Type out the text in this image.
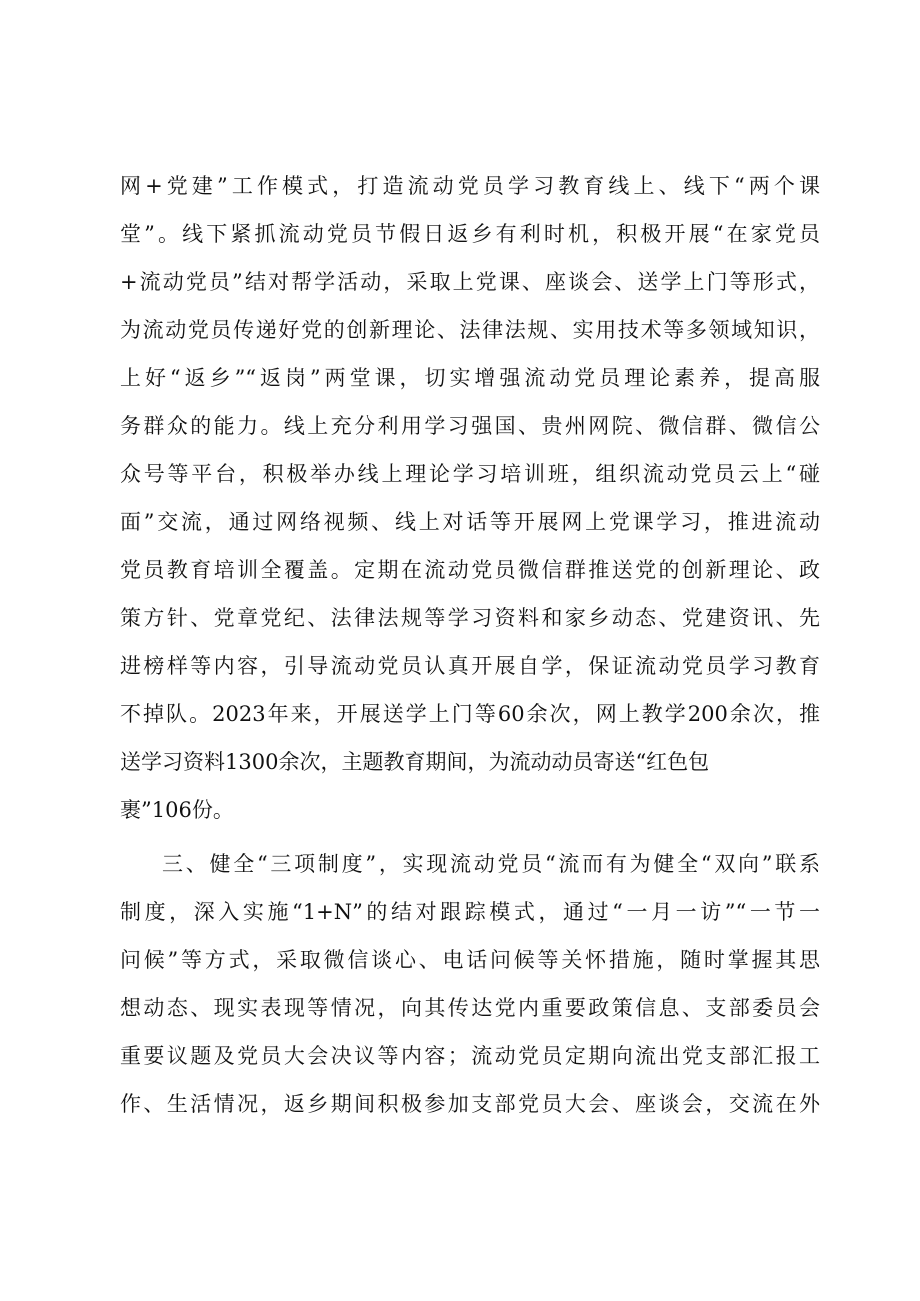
网+党建”工作模式，打造流动党员学习教育线上、线下“两个课
堂”。线下紧抓流动党员节假日返乡有利时机，积极开展“在家党员
+流动党员”结对帮学活动，采取上党课、座谈会、送学上门等形式，
为流动党员传递好党的创新理论、法律法规、实用技术等多领域知识，
上好“返乡”“返岗”两堂课，切实增强流动党员理论素养，提高服
务群众的能力。线上充分利用学习强国、贵州网院、微信群、微信公
众号等平台，积极举办线上理论学习培训班，组织流动党员云上“碰
面”交流，通过网络视频、线上对话等开展网上党课学习，推进流动
党员教育培训全覆盖。定期在流动党员微信群推送党的创新理论、政
策方针、党章党纪、法律法规等学习资料和家乡动态、党建资讯、先
进榜样等内容，引导流动党员认真开展自学，保证流动党员学习教育
不掉队。2023年来，开展送学上门等60余次，网上教学200余次，推
送学习资料1300余次，主题教育期间，为流动动员寄送“红色包
裹”106份。
三、健全“三项制度”，实现流动党员“流而有为健全“双向”联系
制度，深入实施“1+N”的结对跟踪模式，通过“一月一访”“一节一
问候”等方式，采取微信谈心、电话问候等关怀措施，随时掌握其思
想动态、现实表现等情况，向其传达党内重要政策信息、支部委员会
重要议题及党员大会决议等内容；流动党员定期向流出党支部汇报工
作、生活情况，返乡期间积极参加支部党员大会、座谈会，交流在外
